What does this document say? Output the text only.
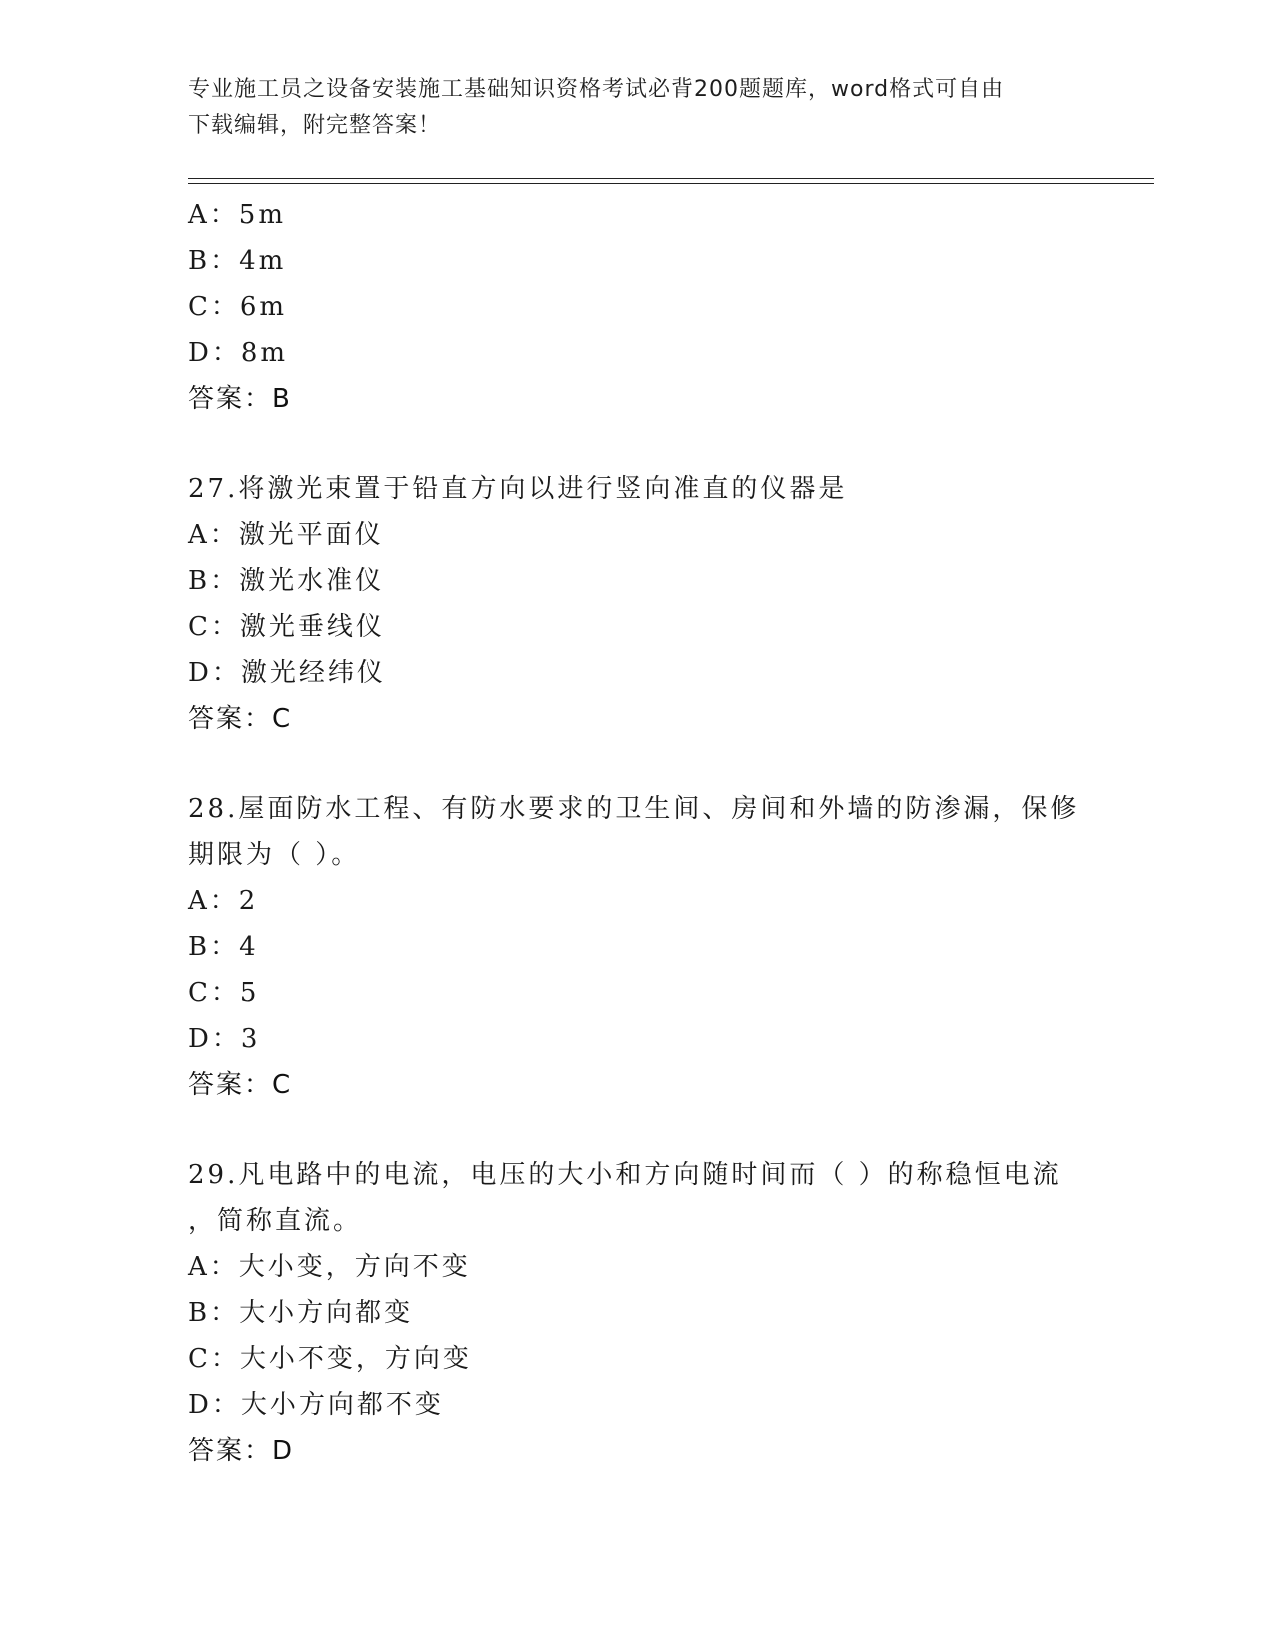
专业施工员之设备安装施工基础知识资格考试必背200题题库，word格式可自由
下载编辑，附完整答案！
A：5m
B：4m
C：6m
D：8m
答案：B
27.将激光束置于铅直方向以进行竖向准直的仪器是
A：激光平面仪
B：激光水准仪
C：激光垂线仪
D：激光经纬仪
答案：C
28.屋面防水工程、有防水要求的卫生间、房间和外墙的防渗漏，保修
期限为（ ）。
A：2
B：4
C：5
D：3
答案：C
29.凡电路中的电流，电压的大小和方向随时间而（ ）的称稳恒电流
，简称直流。
A：大小变，方向不变
B：大小方向都变
C：大小不变，方向变
D：大小方向都不变
答案：D
